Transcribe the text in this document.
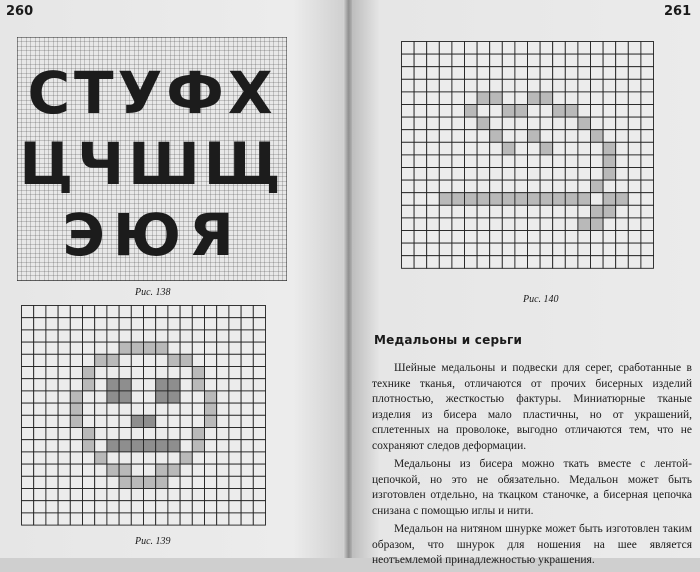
260
СТУФХ
ЦЧШЩ
ЭЮЯ
Рис. 138
Рис. 139
261
Рис. 140
Медальоны и серьги

Шейные медальоны и подвески для серег, сработанные в технике тканья, отличаются от прочих бисерных изделий плотностью, жесткостью фактуры. Миниатюрные тканые изделия из бисера мало пластичны, но от украшений, сплетенных на проволоке, выгодно отличаются тем, что не сохраняют следов деформации.

Медальоны из бисера можно ткать вместе с лентой-цепочкой, но это не обязательно. Медальон может быть изготовлен отдельно, на ткацком станочке, а бисерная цепочка снизана с помощью иглы и нити.

Медальон на нитяном шнурке может быть изготовлен таким образом, что шнурок для ношения на шее является неотъемлемой принадлежностью украшения.
